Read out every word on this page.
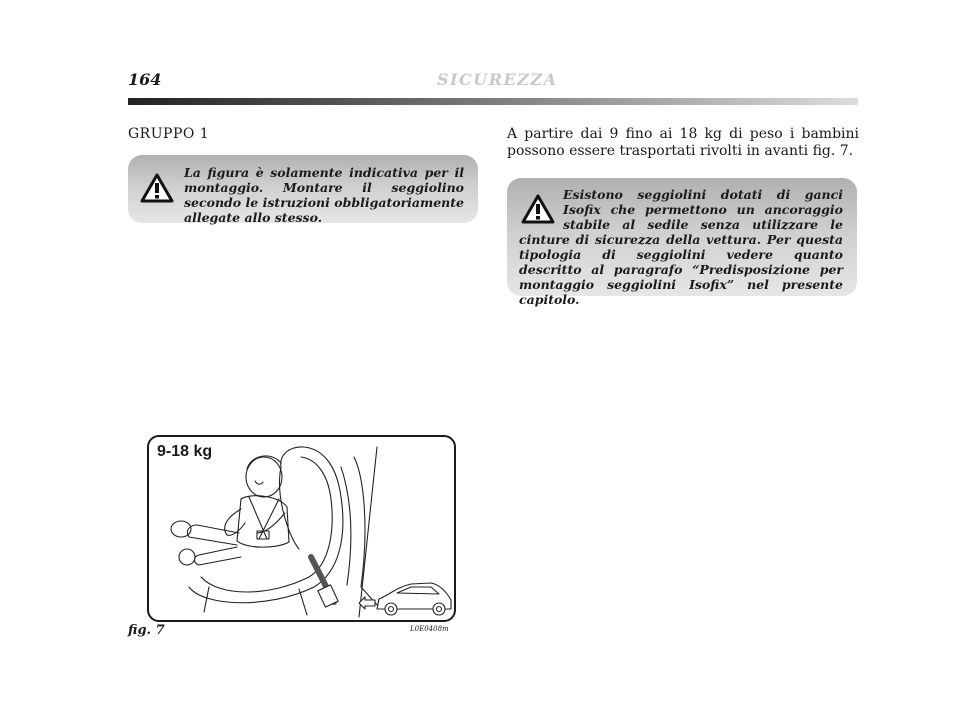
164	SICUREZZA
GRUPPO 1
La figura è solamente indicativa per il montaggio. Montare il seggiolino secondo le istruzioni obbligatoriamente allegate allo stesso.
A partire dai 9 fino ai 18 kg di peso i bambini possono essere trasportati rivolti in avanti fig. 7.
Esistono seggiolini dotati di ganci Isofix che permettono un ancoraggio stabile al sedile senza utilizzare le cinture di sicurezza della vettura. Per questa tipologia di seggiolini vedere quanto descritto al paragrafo “Predisposizione per montaggio seggiolini Isofix” nel presente capitolo.
9-18 kg
fig. 7	L0E0408m
